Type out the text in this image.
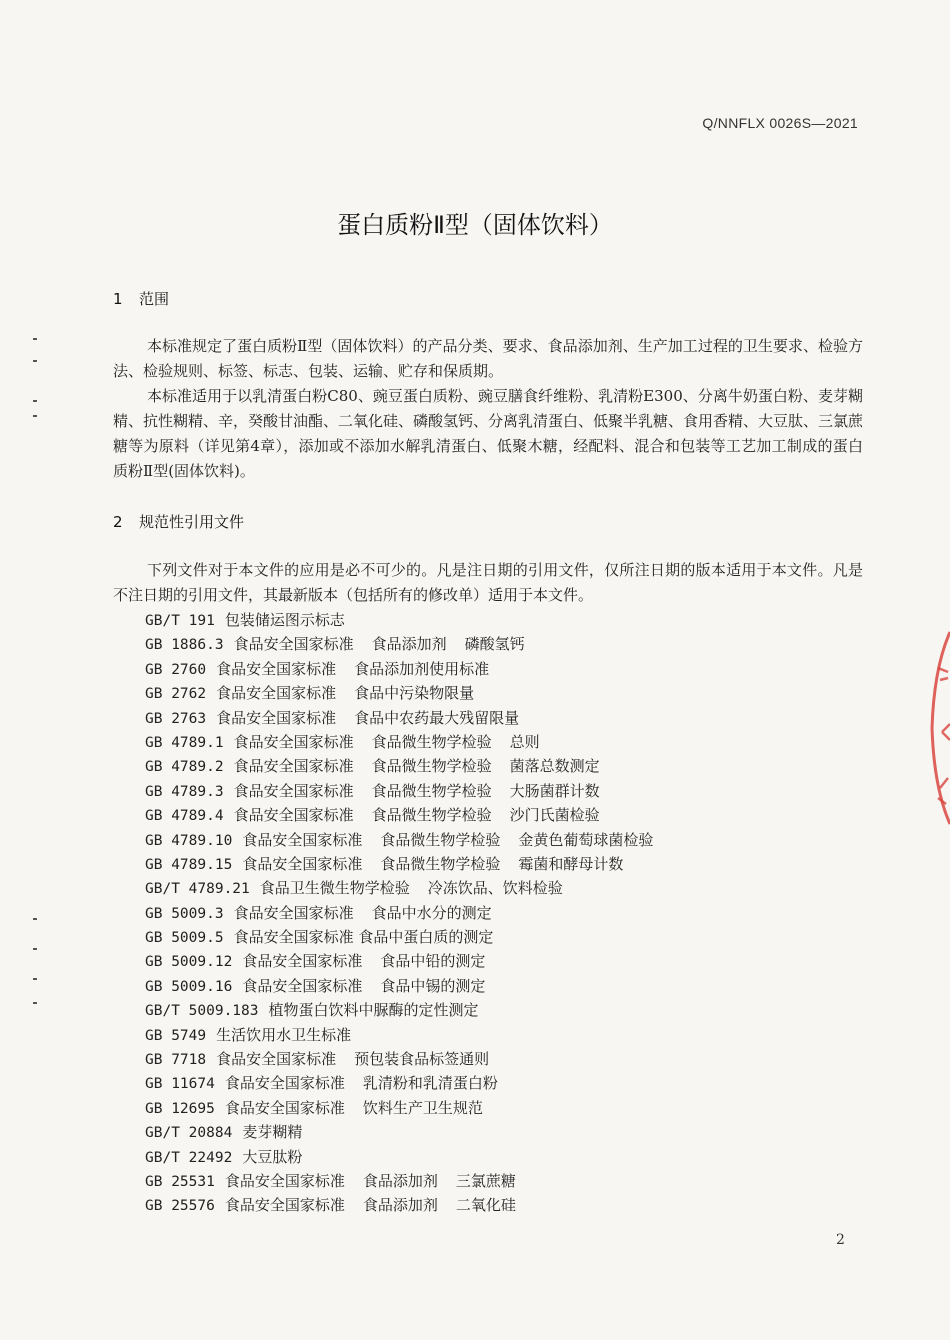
Q/NNFLX 0026S—2021
蛋白质粉Ⅱ型（固体饮料）
1 范围
本标准规定了蛋白质粉Ⅱ型（固体饮料）的产品分类、要求、食品添加剂、生产加工过程的卫生要求、检验方法、检验规则、标签、标志、包装、运输、贮存和保质期。
本标准适用于以乳清蛋白粉C80、豌豆蛋白质粉、豌豆膳食纤维粉、乳清粉E300、分离牛奶蛋白粉、麦芽糊精、抗性糊精、辛，癸酸甘油酯、二氧化硅、磷酸氢钙、分离乳清蛋白、低聚半乳糖、食用香精、大豆肽、三氯蔗糖等为原料（详见第4章），添加或不添加水解乳清蛋白、低聚木糖，经配料、混合和包装等工艺加工制成的蛋白质粉Ⅱ型(固体饮料)。
2 规范性引用文件
下列文件对于本文件的应用是必不可少的。凡是注日期的引用文件，仅所注日期的版本适用于本文件。凡是不注日期的引用文件，其最新版本（包括所有的修改单）适用于本文件。
GB/T 191 包装储运图示标志
GB 1886.3 食品安全国家标准 食品添加剂 磷酸氢钙
GB 2760 食品安全国家标准 食品添加剂使用标准
GB 2762 食品安全国家标准 食品中污染物限量
GB 2763 食品安全国家标准 食品中农药最大残留限量
GB 4789.1 食品安全国家标准 食品微生物学检验 总则
GB 4789.2 食品安全国家标准 食品微生物学检验 菌落总数测定
GB 4789.3 食品安全国家标准 食品微生物学检验 大肠菌群计数
GB 4789.4 食品安全国家标准 食品微生物学检验 沙门氏菌检验
GB 4789.10 食品安全国家标准 食品微生物学检验 金黄色葡萄球菌检验
GB 4789.15 食品安全国家标准 食品微生物学检验 霉菌和酵母计数
GB/T 4789.21 食品卫生微生物学检验 冷冻饮品、饮料检验
GB 5009.3 食品安全国家标准 食品中水分的测定
GB 5009.5 食品安全国家标准 食品中蛋白质的测定
GB 5009.12 食品安全国家标准 食品中铅的测定
GB 5009.16 食品安全国家标准 食品中锡的测定
GB/T 5009.183 植物蛋白饮料中脲酶的定性测定
GB 5749 生活饮用水卫生标准
GB 7718 食品安全国家标准 预包装食品标签通则
GB 11674 食品安全国家标准 乳清粉和乳清蛋白粉
GB 12695 食品安全国家标准 饮料生产卫生规范
GB/T 20884 麦芽糊精
GB/T 22492 大豆肽粉
GB 25531 食品安全国家标准 食品添加剂 三氯蔗糖
GB 25576 食品安全国家标准 食品添加剂 二氧化硅
2
